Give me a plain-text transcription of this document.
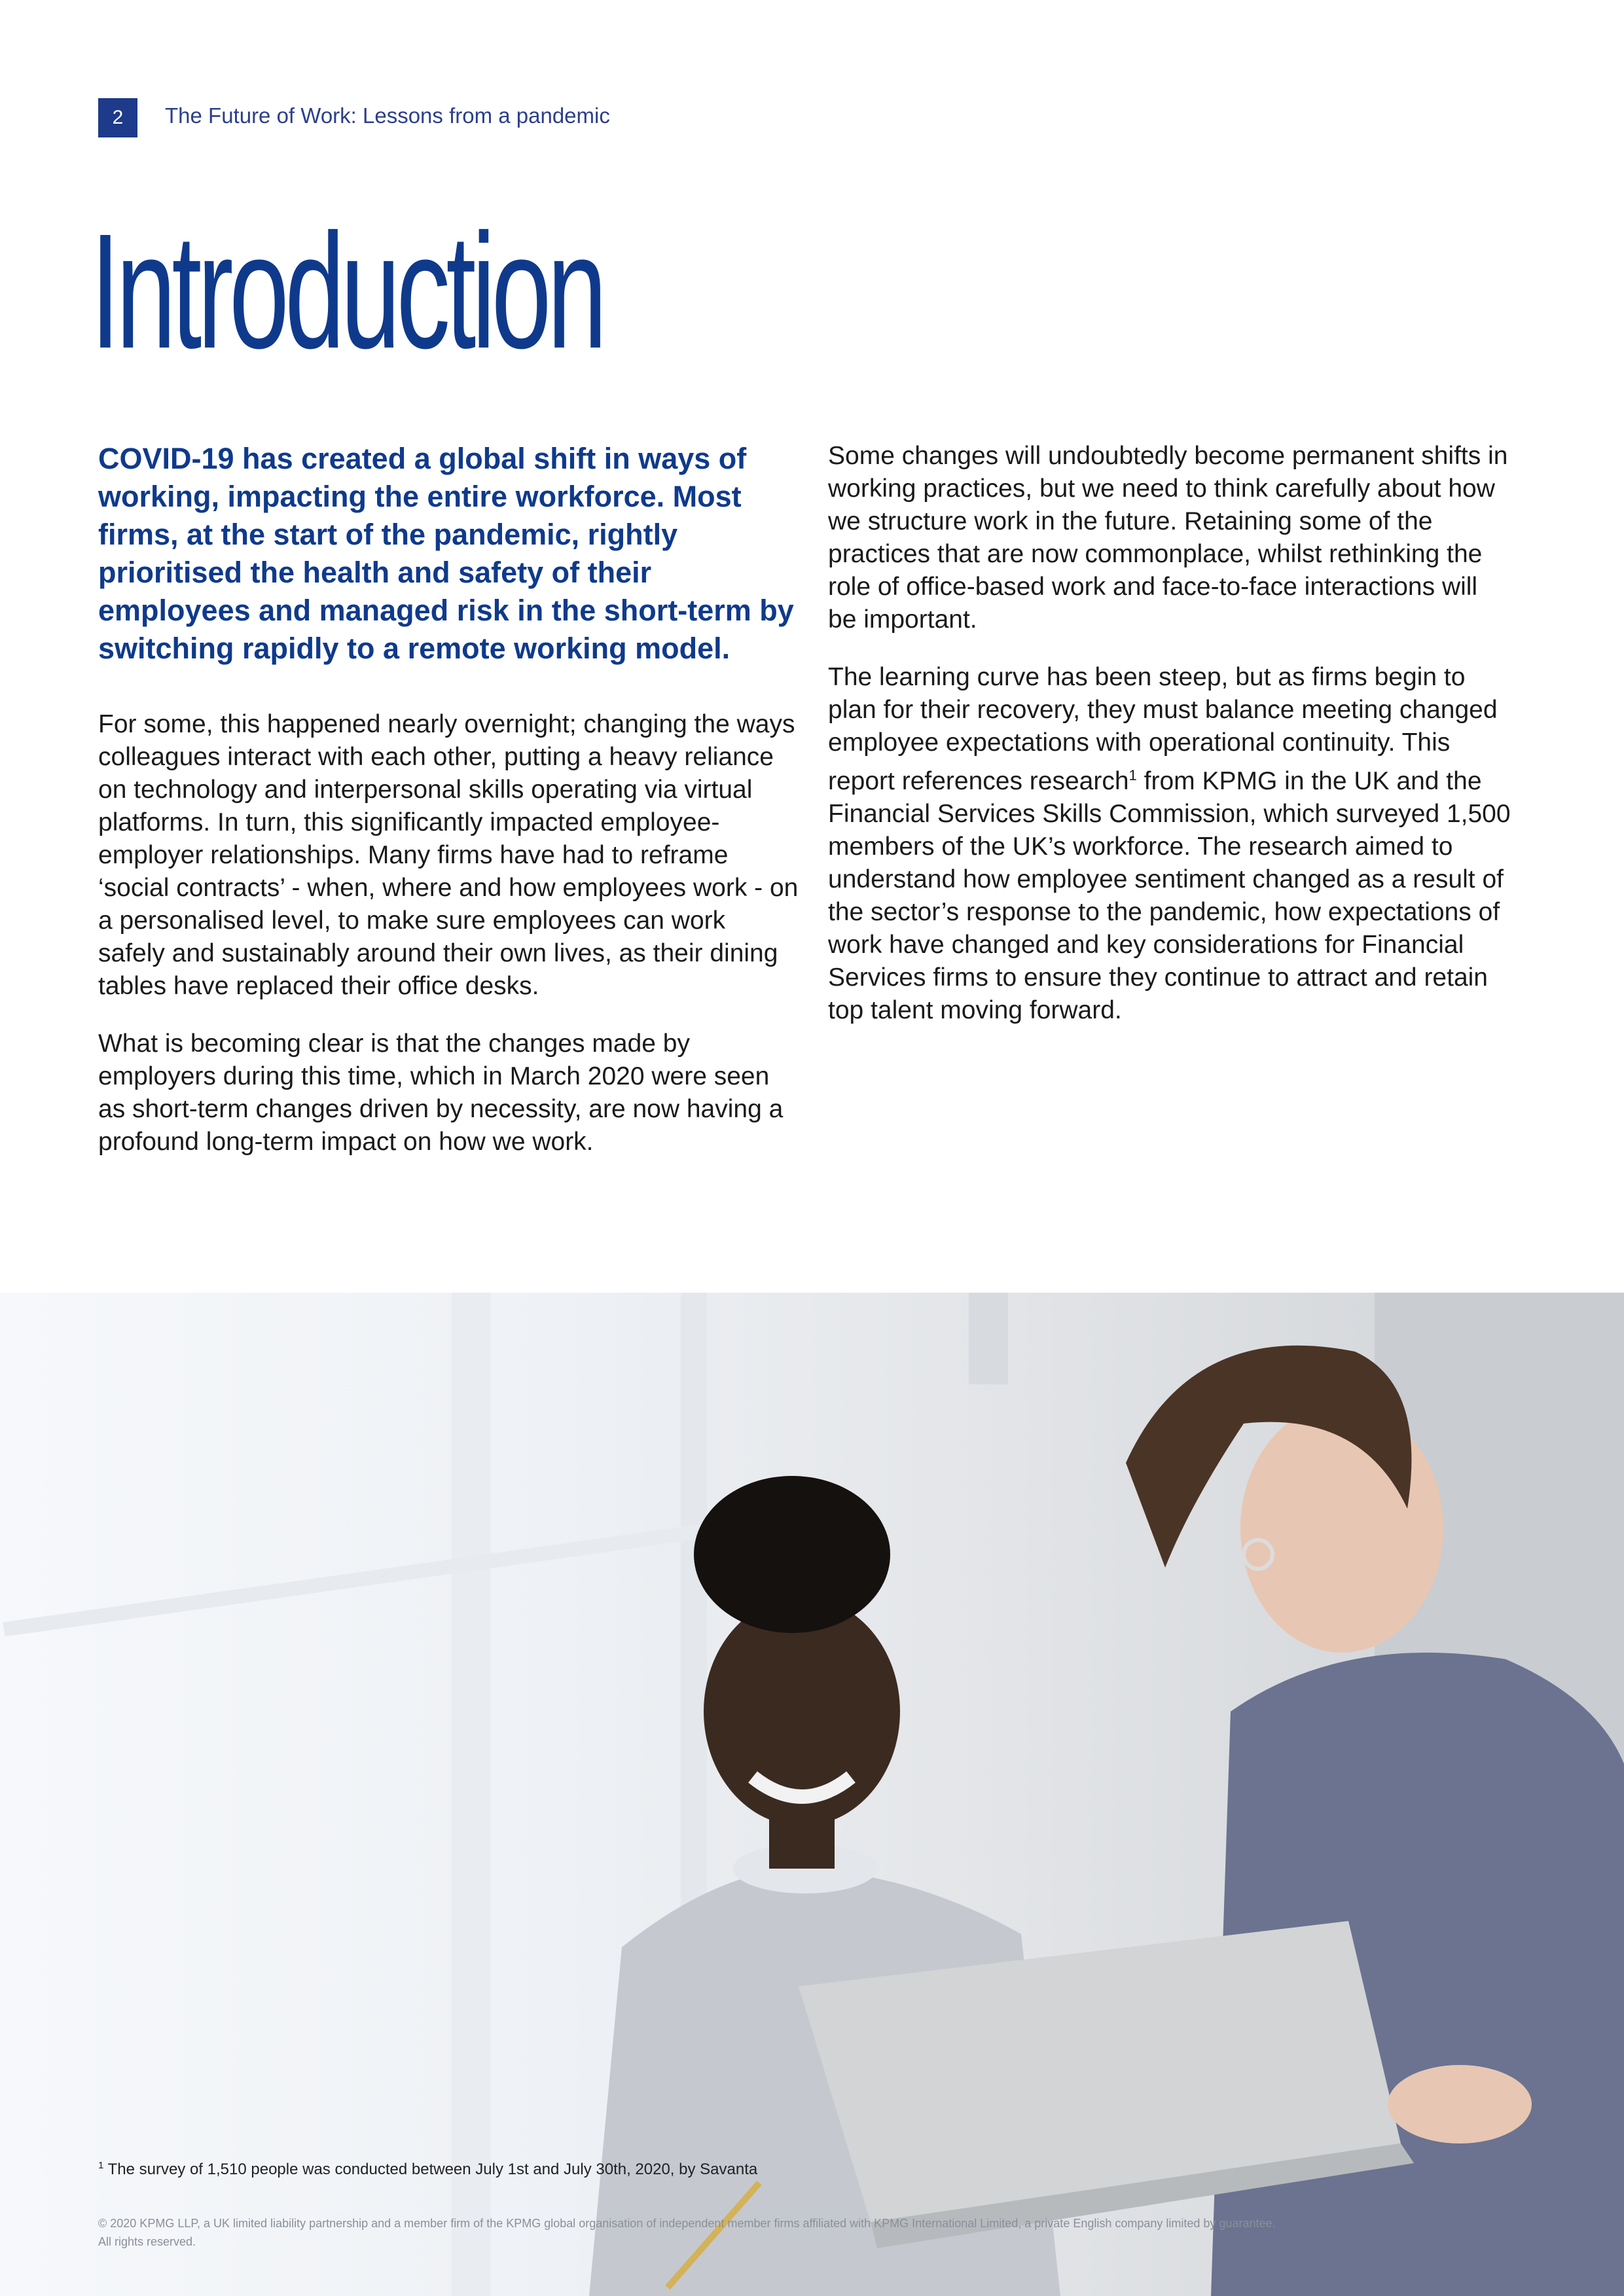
2	The Future of Work: Lessons from a pandemic
Introduction

COVID-19 has created a global shift in ways of working, impacting the entire workforce. Most firms, at the start of the pandemic, rightly prioritised the health and safety of their employees and managed risk in the short-term by switching rapidly to a remote working model.

For some, this happened nearly overnight; changing the ways colleagues interact with each other, putting a heavy reliance on technology and interpersonal skills operating via virtual platforms. In turn, this significantly impacted employee-employer relationships. Many firms have had to reframe ‘social contracts’ - when, where and how employees work - on a personalised level, to make sure employees can work safely and sustainably around their own lives, as their dining tables have replaced their office desks.

What is becoming clear is that the changes made by employers during this time, which in March 2020 were seen as short-term changes driven by necessity, are now having a profound long-term impact on how we work.

Some changes will undoubtedly become permanent shifts in working practices, but we need to think carefully about how we structure work in the future. Retaining some of the practices that are now commonplace, whilst rethinking the role of office-based work and face-to-face interactions will be important.

The learning curve has been steep, but as firms begin to plan for their recovery, they must balance meeting changed employee expectations with operational continuity. This report references research$^1$ from KPMG in the UK and the Financial Services Skills Commission, which surveyed 1,500 members of the UK’s workforce. The research aimed to understand how employee sentiment changed as a result of the sector’s response to the pandemic, how expectations of work have changed and key considerations for Financial Services firms to ensure they continue to attract and retain top talent moving forward.

$^1$ The survey of 1,510 people was conducted between July 1st and July 30th, 2020, by Savanta
© 2020 KPMG LLP, a UK limited liability partnership and a member firm of the KPMG global organisation of independent member firms affiliated with KPMG International Limited, a private English company limited by guarantee.
All rights reserved.
